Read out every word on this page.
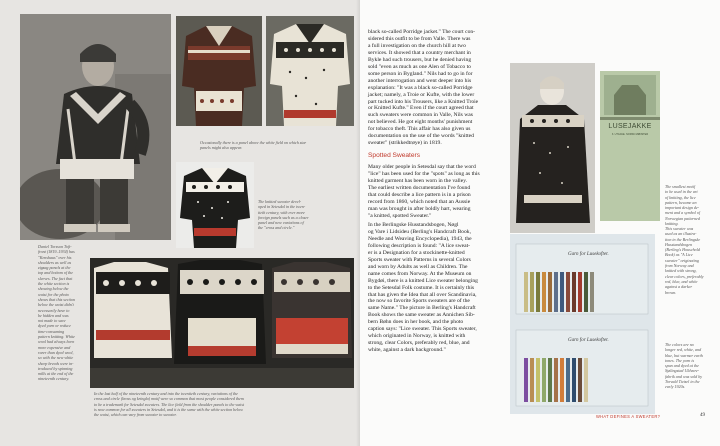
Occasionally there is a panel above the white field on which star
panels might also appear.
The knitted sweater devel-
oped in Setesdal in the twen-
tieth century, with ever more
foreign panels such as a closer
panel and new variations of
the "cross and circle."
Daniel Torsson Toft-
front (1819–1934) has
"Kenshaus" over his
shoulders as well as
zigzag panels at the
top and bottom of the
sleeves. The fact that
the white section is
showing below the
waist for the photo
shows that this section
below the waist didn't
necessarily have to
be hidden and was
not made to save
dyed yarn or reduce
time-consuming
pattern knitting. White
wool had always been
more expensive and
rarer than dyed wool,
so with the new white
sheep breeds were in-
troduced by spinning
mills at the end of the
nineteenth century.
In the last half of the nineteenth century and into the twentieth century, variations of the
cross and circle (kross og kringla) motif were so common that most people considered them
to be a trademark for Setesdal sweaters. The lice field from the shoulder panels to the waist
is now common for all sweaters in Setesdal, and it is the same with the white section below
the waist, which can vary from sweater to sweater.
black so-called Porridge jacket." The court con-
sidered this outfit to be from Valle. There was
a full investigation on the church hill at two
services. It showed that a country merchant in
Bykle had such trousers, but he denied having
sold "even as much as one Alen of Tobacco to
some person in Bygland." Nils had to go in for
another interrogation and went deeper into his
explanation: "It was a black so-called Porridge
jacket; namely, a Troie or Kufte, with the lower
part tucked into his Trousers, like a Knitted Troie
or Knitted Kufte." Even if the court agreed that
such sweaters were common in Valle, Nils was
not believed. He got eight months' punishment
for tobacco theft. This affair has also given us
documentation on the use of the words "knitted
sweater" (strikkedtrøye) in 1819.
Spotted Sweaters
Many older people in Setesdal say that the word
"lice" has been used for the "spots" as long as this
knitted garment has been worn in the valley.
The earliest written documentation I've found
that could describe a lice pattern is in a prison
record from 1860, which noted that an Aussie
man was brought in after boldly hart, wearing
"a knitted, spotted Sweater."
In the Berlingske Husstandsbogen, Nøgl
og Vare i Lidsideu (Berling's Handcraft Book,
Needle and Weaving Encyclopedia), 1943, the
following description is found: "A lice sweat-
er is a Designation for a stockinette-knitted
Sports sweater with Patterns in several Colors
and worn by Adults as well as Children. The
name comes from Norway. At the Museum on
Bygdøi, there is a knitted Lice sweater belonging
to the Setesdal Folk costume. It is certainly this
that has given the Idea that all over Scandinavia,
the now so favorite Sports sweaters are of the
same Name." The picture in Berling's Handcraft
Book shows the same sweater as Annichen Sib-
bern Bøhn does in her book, and the photo
caption says: "Lice sweater. This Sports sweater,
which originated in Norway, is knitted with
strong, clear Colors, preferably red, blue, and
white, against a dark background."
LUSEJAKKE
3. UTGAVE. NORSK MØNSTER
Garn for Lusekofter.
Garn for Lusekofter.
The smallest motif
to be used in the art
of knitting, the lice
pattern, became an
important design de-
ment and a symbol of
Norwegian patterned
knitting.
This sweater was
used as an illustra-
tion in the Berlingske
Husstandsbogen
(Berling's Household
Book) as "A Lice
sweater" originating
from Norway and
knitted with strong,
clear colors, preferably
red, blue, and white
against a darker
brown.
The colors are no
longer red, white, and
blue, but warmer earth
tones. The yarn is
spun and dyed at the
Sjølingstad Uldvare-
fabrik and was sold by
Torvald Tietzel in the
early 1920s.
WHAT DEFINES A SWEATER?	49
